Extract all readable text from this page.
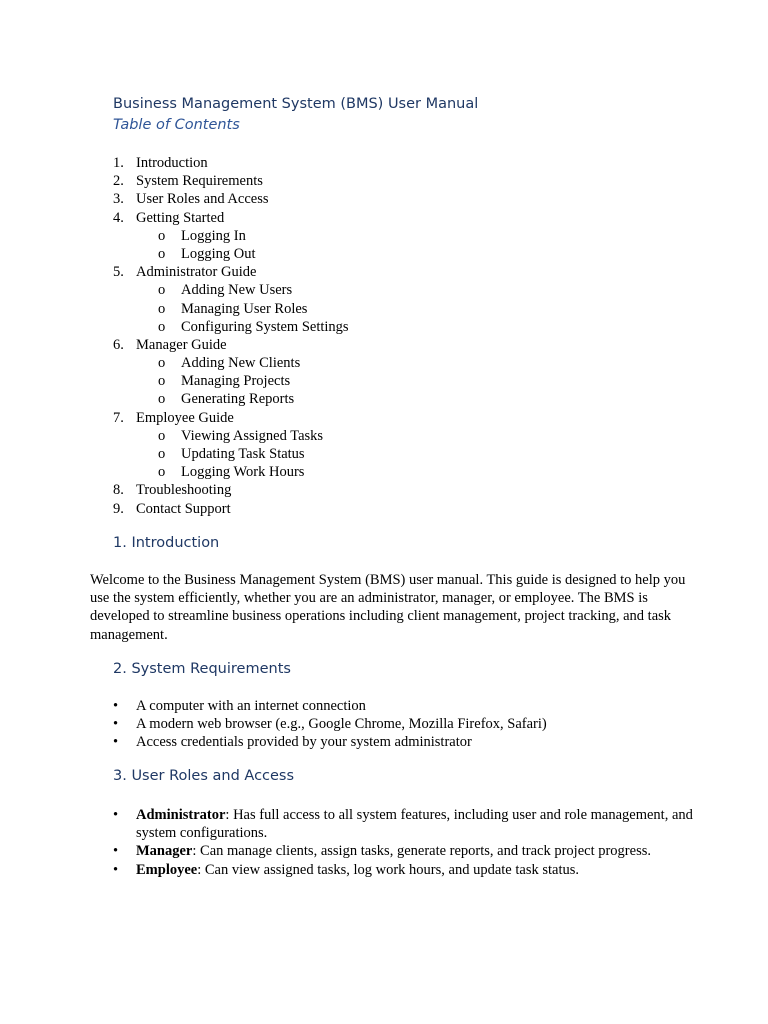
Business Management System (BMS) User Manual
Table of Contents
1. Introduction
2. System Requirements
3. User Roles and Access
4. Getting Started
o Logging In
o Logging Out
5. Administrator Guide
o Adding New Users
o Managing User Roles
o Configuring System Settings
6. Manager Guide
o Adding New Clients
o Managing Projects
o Generating Reports
7. Employee Guide
o Viewing Assigned Tasks
o Updating Task Status
o Logging Work Hours
8. Troubleshooting
9. Contact Support
1. Introduction

Welcome to the Business Management System (BMS) user manual. This guide is designed to help you use the system efficiently, whether you are an administrator, manager, or employee. The BMS is developed to streamline business operations including client management, project tracking, and task management.

2. System Requirements
• A computer with an internet connection
• A modern web browser (e.g., Google Chrome, Mozilla Firefox, Safari)
• Access credentials provided by your system administrator
3. User Roles and Access
• Administrator: Has full access to all system features, including user and role management, and system configurations.
• Manager: Can manage clients, assign tasks, generate reports, and track project progress.
• Employee: Can view assigned tasks, log work hours, and update task status.
